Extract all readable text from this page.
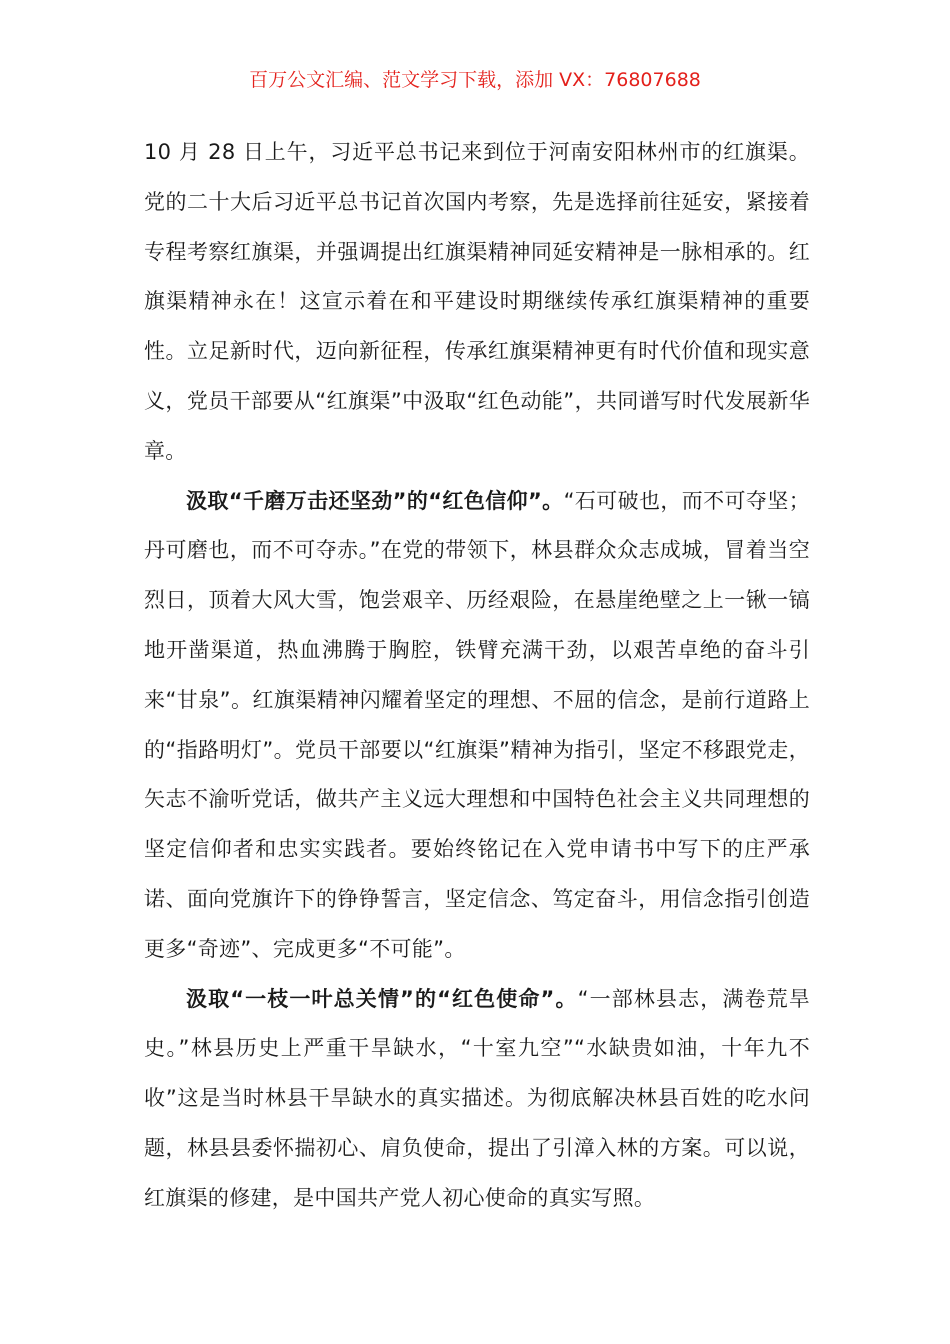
百万公文汇编、范文学习下载，添加 VX：76807688

10 月 28 日上午，习近平总书记来到位于河南安阳林州市的红旗渠。党的二十大后习近平总书记首次国内考察，先是选择前往延安，紧接着专程考察红旗渠，并强调提出红旗渠精神同延安精神是一脉相承的。红旗渠精神永在！这宣示着在和平建设时期继续传承红旗渠精神的重要性。立足新时代，迈向新征程，传承红旗渠精神更有时代价值和现实意义，党员干部要从“红旗渠”中汲取“红色动能”，共同谱写时代发展新华章。

汲取“千磨万击还坚劲”的“红色信仰”。“石可破也，而不可夺坚；丹可磨也，而不可夺赤。”在党的带领下，林县群众众志成城，冒着当空烈日，顶着大风大雪，饱尝艰辛、历经艰险，在悬崖绝壁之上一锹一镐地开凿渠道，热血沸腾于胸腔，铁臂充满干劲，以艰苦卓绝的奋斗引来“甘泉”。红旗渠精神闪耀着坚定的理想、不屈的信念，是前行道路上的“指路明灯”。党员干部要以“红旗渠”精神为指引，坚定不移跟党走，矢志不渝听党话，做共产主义远大理想和中国特色社会主义共同理想的坚定信仰者和忠实实践者。要始终铭记在入党申请书中写下的庄严承诺、面向党旗许下的铮铮誓言，坚定信念、笃定奋斗，用信念指引创造更多“奇迹”、完成更多“不可能”。

汲取“一枝一叶总关情”的“红色使命”。“一部林县志，满卷荒旱史。”林县历史上严重干旱缺水，“十室九空”“水缺贵如油，十年九不收”这是当时林县干旱缺水的真实描述。为彻底解决林县百姓的吃水问题，林县县委怀揣初心、肩负使命，提出了引漳入林的方案。可以说，红旗渠的修建，是中国共产党人初心使命的真实写照。
